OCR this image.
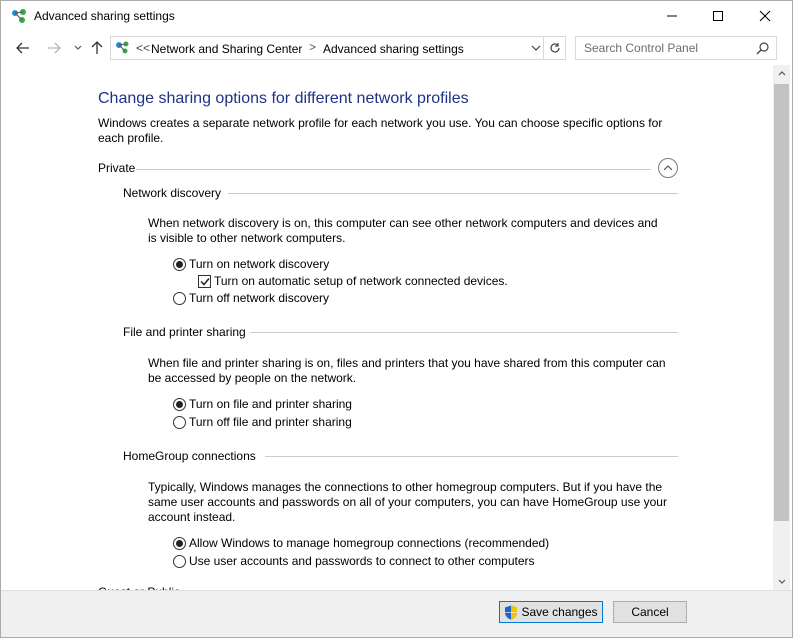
Advanced sharing settings
<< Network and Sharing Center > Advanced sharing settings
Search Control Panel
Change sharing options for different network profiles
Windows creates a separate network profile for each network you use. You can choose specific options for each profile.
Private
Network discovery
When network discovery is on, this computer can see other network computers and devices and is visible to other network computers.
Turn on network discovery
Turn on automatic setup of network connected devices.
Turn off network discovery
File and printer sharing
When file and printer sharing is on, files and printers that you have shared from this computer can be accessed by people on the network.
Turn on file and printer sharing
Turn off file and printer sharing
HomeGroup connections
Typically, Windows manages the connections to other homegroup computers. But if you have the same user accounts and passwords on all of your computers, you can have HomeGroup use your account instead.
Allow Windows to manage homegroup connections (recommended)
Use user accounts and passwords to connect to other computers
Save changes	Cancel
